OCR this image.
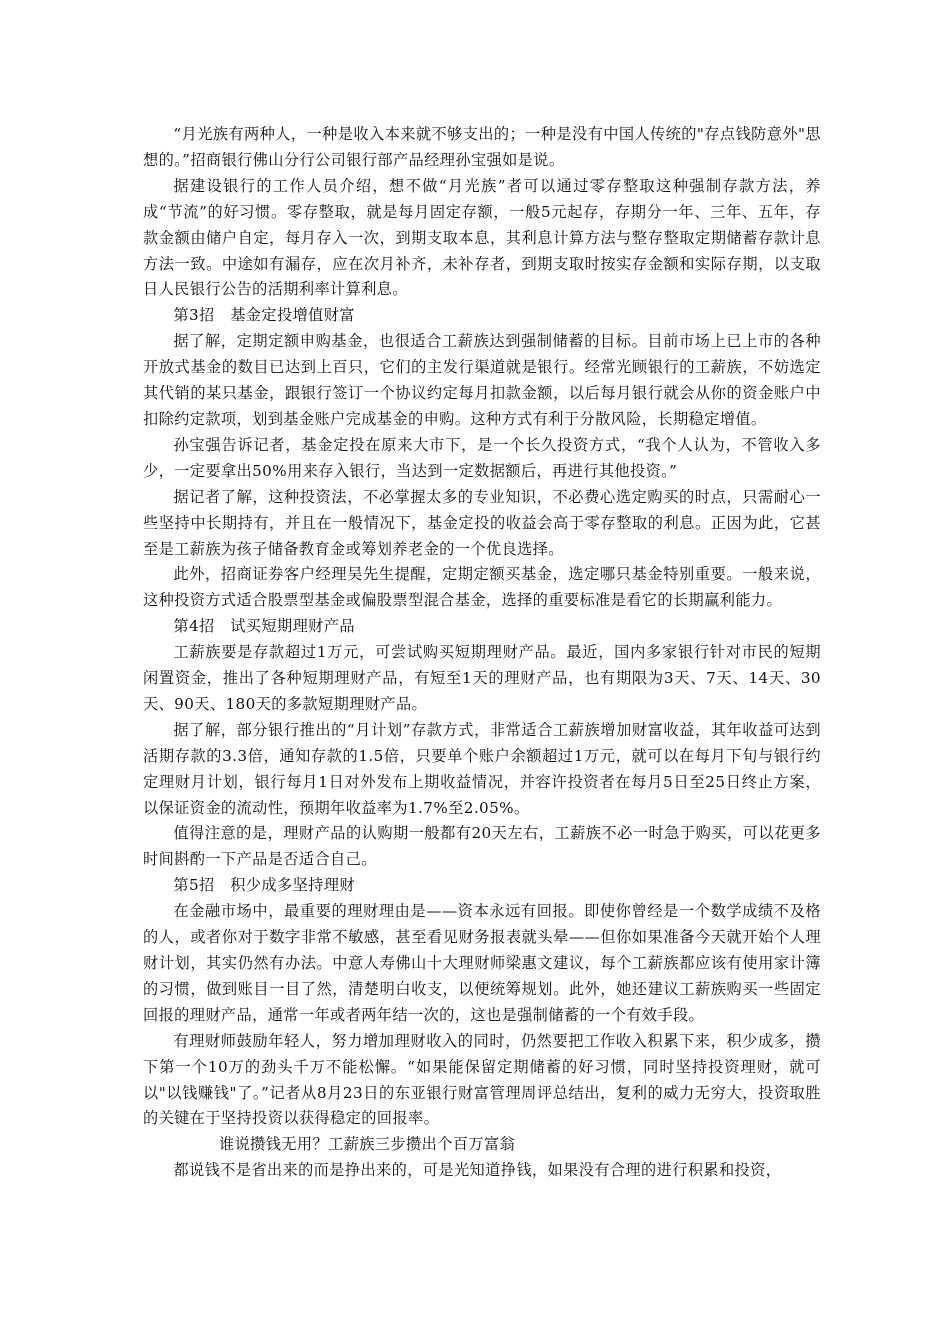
“月光族有两种人，一种是收入本来就不够支出的；一种是没有中国人传统的"存点钱防意外"思想的。”招商银行佛山分行公司银行部产品经理孙宝强如是说。

据建设银行的工作人员介绍，想不做“月光族”者可以通过零存整取这种强制存款方法，养成“节流”的好习惯。零存整取，就是每月固定存额，一般5元起存，存期分一年、三年、五年，存款金额由储户自定，每月存入一次，到期支取本息，其利息计算方法与整存整取定期储蓄存款计息方法一致。中途如有漏存，应在次月补齐，未补存者，到期支取时按实存金额和实际存期，以支取日人民银行公告的活期利率计算利息。

第3招　基金定投增值财富

据了解，定期定额申购基金，也很适合工薪族达到强制储蓄的目标。目前市场上已上市的各种开放式基金的数目已达到上百只，它们的主发行渠道就是银行。经常光顾银行的工薪族，不妨选定其代销的某只基金，跟银行签订一个协议约定每月扣款金额，以后每月银行就会从你的资金账户中扣除约定款项，划到基金账户完成基金的申购。这种方式有利于分散风险，长期稳定增值。

孙宝强告诉记者，基金定投在原来大市下，是一个长久投资方式，“我个人认为，不管收入多少，一定要拿出50%用来存入银行，当达到一定数据额后，再进行其他投资。”

据记者了解，这种投资法，不必掌握太多的专业知识，不必费心选定购买的时点，只需耐心一些坚持中长期持有，并且在一般情况下，基金定投的收益会高于零存整取的利息。正因为此，它甚至是工薪族为孩子储备教育金或筹划养老金的一个优良选择。

此外，招商证券客户经理吴先生提醒，定期定额买基金，选定哪只基金特别重要。一般来说，这种投资方式适合股票型基金或偏股票型混合基金，选择的重要标准是看它的长期赢利能力。

第4招　试买短期理财产品

工薪族要是存款超过1万元，可尝试购买短期理财产品。最近，国内多家银行针对市民的短期闲置资金，推出了各种短期理财产品，有短至1天的理财产品，也有期限为3天、7天、14天、30天、90天、180天的多款短期理财产品。

据了解，部分银行推出的“月计划”存款方式，非常适合工薪族增加财富收益，其年收益可达到活期存款的3.3倍，通知存款的1.5倍，只要单个账户余额超过1万元，就可以在每月下旬与银行约定理财月计划，银行每月1日对外发布上期收益情况，并容许投资者在每月5日至25日终止方案，以保证资金的流动性，预期年收益率为1.7%至2.05%。

值得注意的是，理财产品的认购期一般都有20天左右，工薪族不必一时急于购买，可以花更多时间斟酌一下产品是否适合自己。

第5招　积少成多坚持理财

在金融市场中，最重要的理财理由是——资本永远有回报。即使你曾经是一个数学成绩不及格的人，或者你对于数字非常不敏感，甚至看见财务报表就头晕——但你如果准备今天就开始个人理财计划，其实仍然有办法。中意人寿佛山十大理财师梁惠文建议，每个工薪族都应该有使用家计簿的习惯，做到账目一目了然，清楚明白收支，以便统筹规划。此外，她还建议工薪族购买一些固定回报的理财产品，通常一年或者两年结一次的，这也是强制储蓄的一个有效手段。

有理财师鼓励年轻人，努力增加理财收入的同时，仍然要把工作收入积累下来，积少成多，攒下第一个10万的劲头千万不能松懈。“如果能保留定期储蓄的好习惯，同时坚持投资理财，就可以"以钱赚钱"了。”记者从8月23日的东亚银行财富管理周评总结出，复利的威力无穷大，投资取胜的关键在于坚持投资以获得稳定的回报率。

谁说攒钱无用？工薪族三步攒出个百万富翁

都说钱不是省出来的而是挣出来的，可是光知道挣钱，如果没有合理的进行积累和投资，
